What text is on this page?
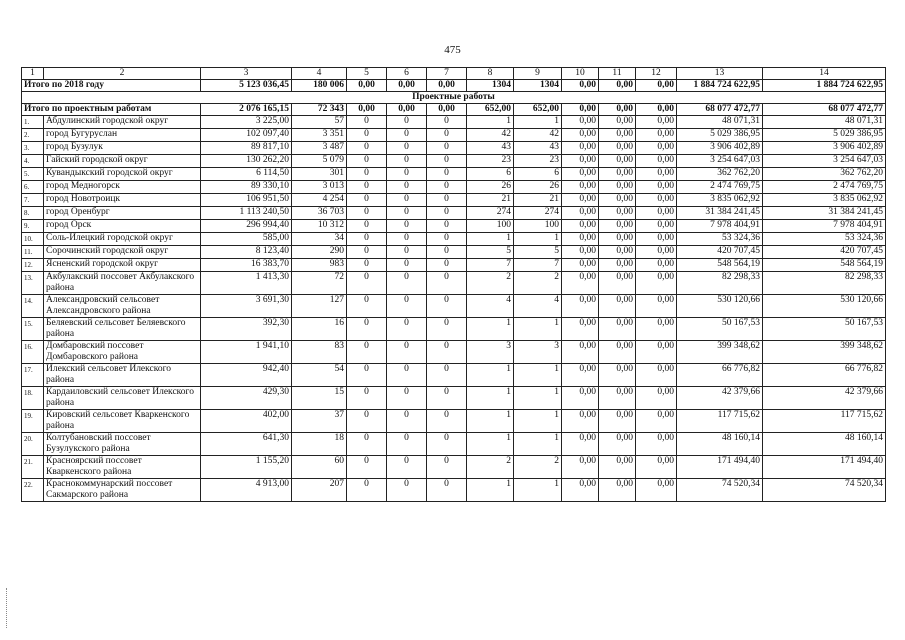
475
1	2	3	4	5	6	7	8	9	10	11	12	13	14
Итого по 2018 году		5 123 036,45	180 006	0,00	0,00	0,00	1304	1304	0,00	0,00	0,00	1 884 724 622,95	1 884 724 622,95
Проектные работы													
Итого по проектным работам		2 076 165,15	72 343	0,00	0,00	0,00	652,00	652,00	0,00	0,00	0,00	68 077 472,77	68 077 472,77
1.	Абдулинский городской округ	3 225,00	57	0	0	0	1	1	0,00	0,00	0,00	48 071,31	48 071,31
2.	город Бугуруслан	102 097,40	3 351	0	0	0	42	42	0,00	0,00	0,00	5 029 386,95	5 029 386,95
3.	город Бузулук	89 817,10	3 487	0	0	0	43	43	0,00	0,00	0,00	3 906 402,89	3 906 402,89
4.	Гайский городской округ	130 262,20	5 079	0	0	0	23	23	0,00	0,00	0,00	3 254 647,03	3 254 647,03
5.	Кувандыкский городской округ	6 114,50	301	0	0	0	6	6	0,00	0,00	0,00	362 762,20	362 762,20
6.	город Медногорск	89 330,10	3 013	0	0	0	26	26	0,00	0,00	0,00	2 474 769,75	2 474 769,75
7.	город Новотроицк	106 951,50	4 254	0	0	0	21	21	0,00	0,00	0,00	3 835 062,92	3 835 062,92
8.	город Оренбург	1 113 240,50	36 703	0	0	0	274	274	0,00	0,00	0,00	31 384 241,45	31 384 241,45
9.	город Орск	296 994,40	10 312	0	0	0	100	100	0,00	0,00	0,00	7 978 404,91	7 978 404,91
10.	Соль-Илецкий городской округ	585,00	34	0	0	0	1	1	0,00	0,00	0,00	53 324,36	53 324,36
11.	Сорочинский городской округ	8 123,40	290	0	0	0	5	5	0,00	0,00	0,00	420 707,45	420 707,45
12.	Ясненский городской округ	16 383,70	983	0	0	0	7	7	0,00	0,00	0,00	548 564,19	548 564,19
13.	Акбулакский поссовет Акбулакского района	1 413,30	72	0	0	0	2	2	0,00	0,00	0,00	82 298,33	82 298,33
14.	Александровский сельсовет Александровского района	3 691,30	127	0	0	0	4	4	0,00	0,00	0,00	530 120,66	530 120,66
15.	Беляевский сельсовет Беляевского района	392,30	16	0	0	0	1	1	0,00	0,00	0,00	50 167,53	50 167,53
16.	Домбаровский поссовет Домбаровского района	1 941,10	83	0	0	0	3	3	0,00	0,00	0,00	399 348,62	399 348,62
17.	Илекский сельсовет Илекского района	942,40	54	0	0	0	1	1	0,00	0,00	0,00	66 776,82	66 776,82
18.	Кардаиловский сельсовет Илекского района	429,30	15	0	0	0	1	1	0,00	0,00	0,00	42 379,66	42 379,66
19.	Кировский сельсовет Кваркенского района	402,00	37	0	0	0	1	1	0,00	0,00	0,00	117 715,62	117 715,62
20.	Колтубановский поссовет Бузулукского района	641,30	18	0	0	0	1	1	0,00	0,00	0,00	48 160,14	48 160,14
21.	Красноярский поссовет Кваркенского района	1 155,20	60	0	0	0	2	2	0,00	0,00	0,00	171 494,40	171 494,40
22.	Краснокоммунарский поссовет Сакмарского района	4 913,00	207	0	0	0	1	1	0,00	0,00	0,00	74 520,34	74 520,34
